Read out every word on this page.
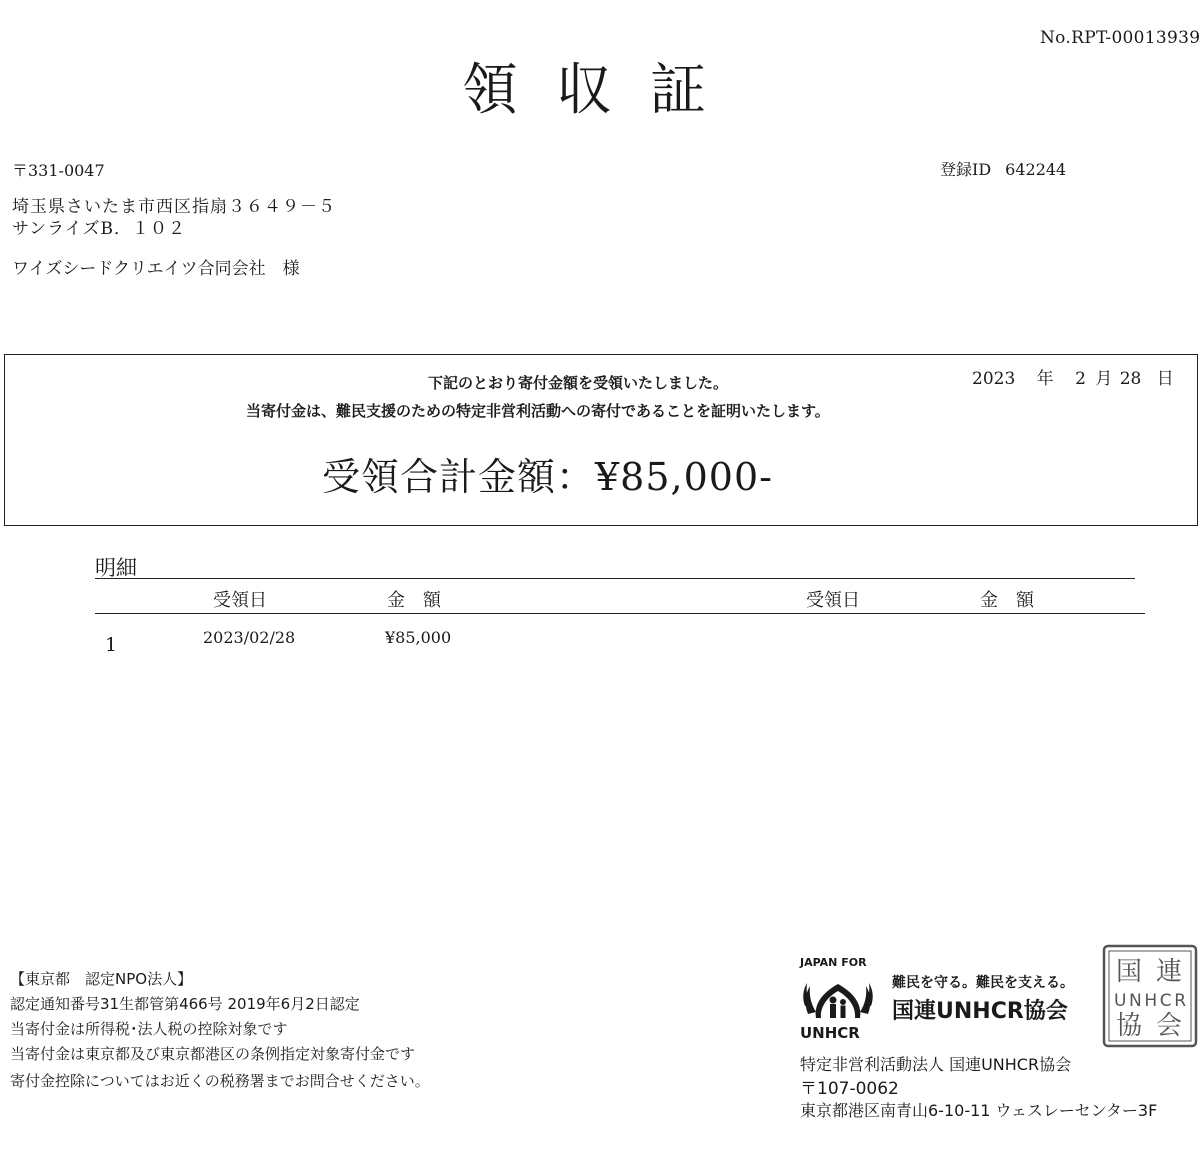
No.RPT-00013939
領収証
〒331-0047	登録ID 642244
埼玉県さいたま市西区指扇３６４９－５
サンライズB．１０２
ワイズシードクリエイツ合同会社　様
2023 年 2 月 28 日
下記のとおり寄付金額を受領いたしました。
当寄付金は、難民支援のための特定非営利活動への寄付であることを証明いたします。
受領合計金額：¥85,000-
明細
受領日	金　額	受領日	金　額
1	2023/02/28	¥85,000
【東京都　認定NPO法人】
認定通知番号31生都管第466号 2019年6月2日認定
当寄付金は所得税･法人税の控除対象です
当寄付金は東京都及び東京都港区の条例指定対象寄付金です
寄付金控除についてはお近くの税務署までお問合せください。
JAPAN FOR
UNHCR
難民を守る。難民を支える。
国連UNHCR協会
特定非営利活動法人 国連UNHCR協会
〒107-0062
東京都港区南青山6-10-11 ウェスレーセンター3F
国 連
UNHCR
協 会
